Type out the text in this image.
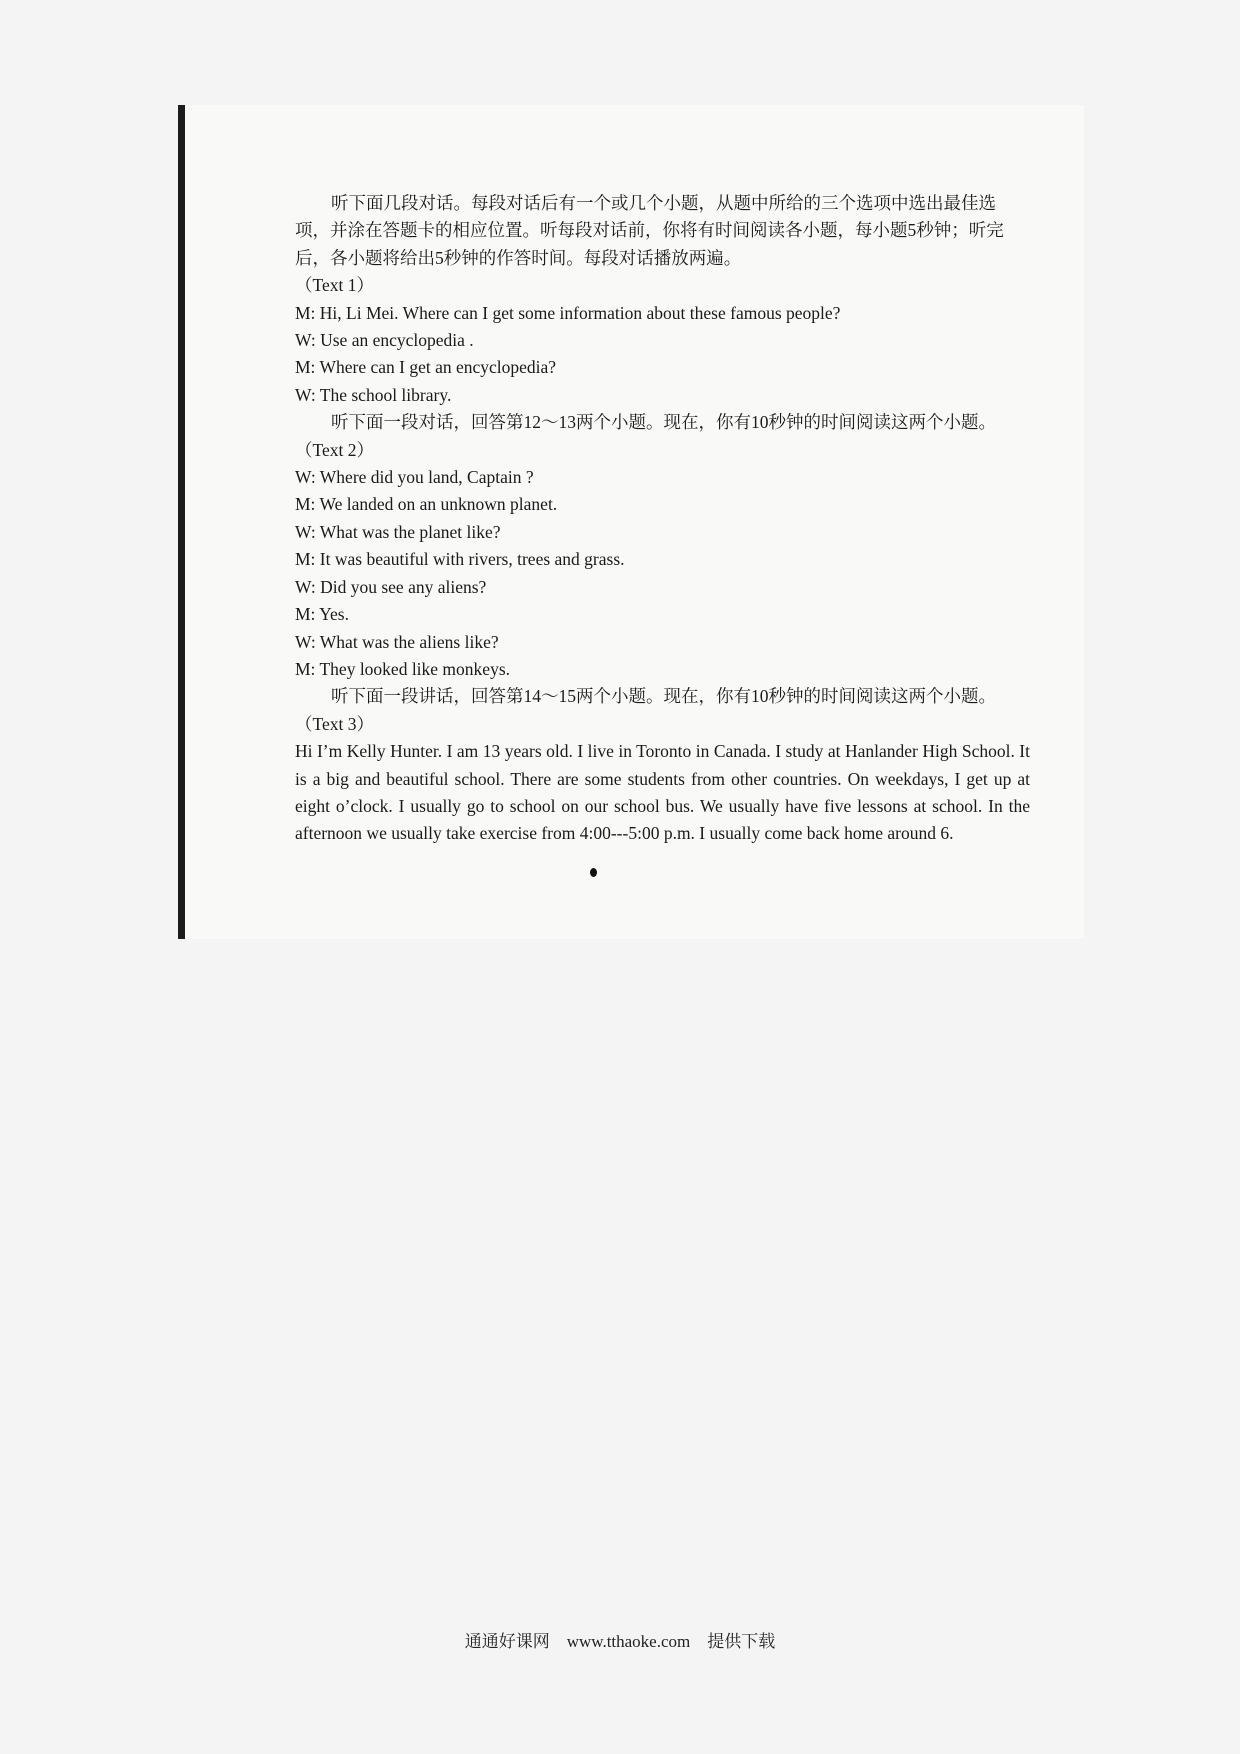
听下面几段对话。每段对话后有一个或几个小题，从题中所给的三个选项中选出最佳选项，并涂在答题卡的相应位置。听每段对话前，你将有时间阅读各小题，每小题5秒钟；听完后，各小题将给出5秒钟的作答时间。每段对话播放两遍。

（Text 1）

M: Hi, Li Mei. Where can I get some information about these famous people?

W: Use an encyclopedia .

M: Where can I get an encyclopedia?

W: The school library.

听下面一段对话，回答第12～13两个小题。现在，你有10秒钟的时间阅读这两个小题。

（Text 2）

W: Where did you land, Captain ?

M: We landed on an unknown planet.

W: What was the planet like?

M: It was beautiful with rivers, trees and grass.

W: Did you see any aliens?

M: Yes.

W: What was the aliens like?

M: They looked like monkeys.

听下面一段讲话，回答第14～15两个小题。现在，你有10秒钟的时间阅读这两个小题。

（Text 3）

Hi I’m Kelly Hunter. I am 13 years old. I live in Toronto in Canada. I study at Hanlander High School. It is a big and beautiful school. There are some students from other countries. On weekdays, I get up at eight o’clock. I usually go to school on our school bus. We usually have five lessons at school. In the afternoon we usually take exercise from 4:00---5:00 p.m. I usually come back home around 6.

通通好课网　www.tthaoke.com　提供下载
